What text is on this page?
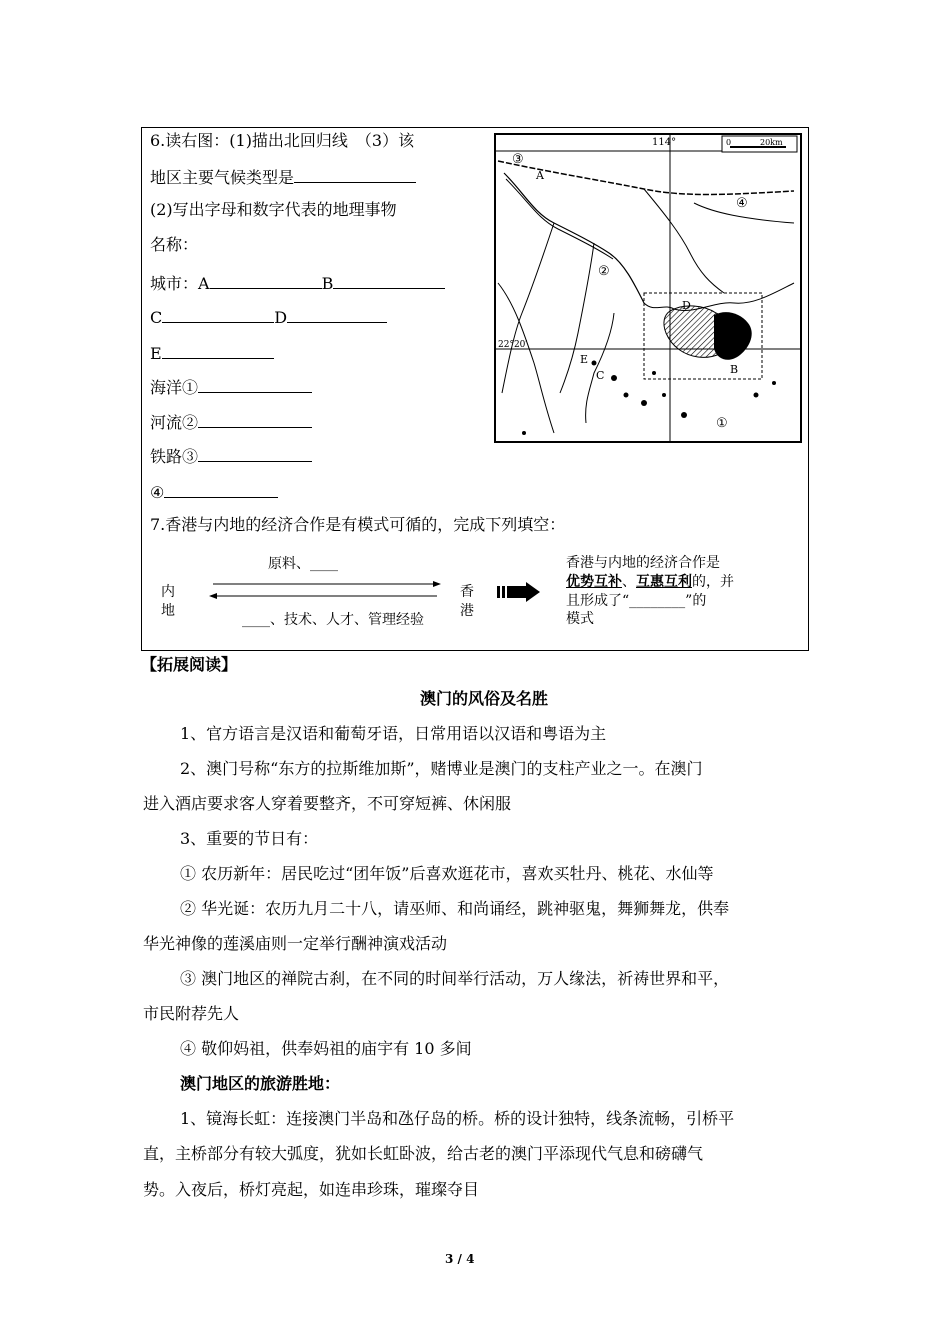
6.读右图：(1)描出北回归线　（3）该
地区主要气候类型是
(2)写出字母和数字代表的地理事物
名称：
城市：A	B
C	D
E
海洋①
河流②
铁路③
④
114°
22°20′
0	20km
A
B
C
D
E
①
②
③
④
7.香港与内地的经济合作是有模式可循的，完成下列填空：
内
地
香
港
原料、____
____、技术、人才、管理经验
香港与内地的经济合作是
优势互补、互惠互利的，并
且形成了“________”的
模式
【拓展阅读】
澳门的风俗及名胜
1、官方语言是汉语和葡萄牙语，日常用语以汉语和粤语为主
2、澳门号称“东方的拉斯维加斯”，赌博业是澳门的支柱产业之一。在澳门
进入酒店要求客人穿着要整齐，不可穿短裤、休闲服
3、重要的节日有：
① 农历新年：居民吃过“团年饭”后喜欢逛花市，喜欢买牡丹、桃花、水仙等
② 华光诞：农历九月二十八，请巫师、和尚诵经，跳神驱鬼，舞狮舞龙，供奉
华光神像的莲溪庙则一定举行酬神演戏活动
③ 澳门地区的禅院古刹，在不同的时间举行活动，万人缘法，祈祷世界和平，
市民附荐先人
④ 敬仰妈祖，供奉妈祖的庙宇有 10 多间
澳门地区的旅游胜地：
1、镜海长虹：连接澳门半岛和氹仔岛的桥。桥的设计独特，线条流畅，引桥平
直，主桥部分有较大弧度，犹如长虹卧波，给古老的澳门平添现代气息和磅礴气
势。入夜后，桥灯亮起，如连串珍珠，璀璨夺目
3 / 4
